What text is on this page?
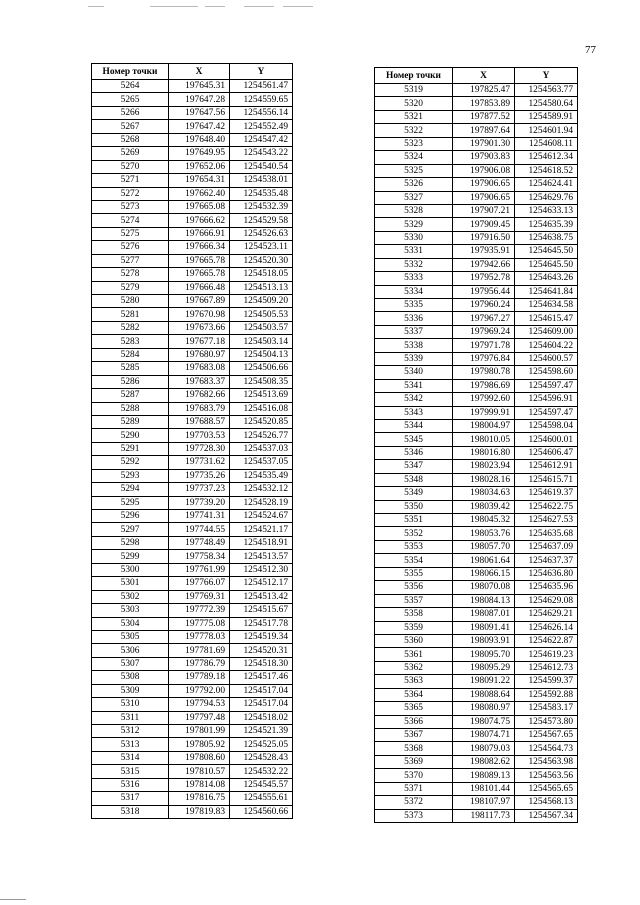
77
Номер точки	X	Y
5264	197645.31	1254561.47
5265	197647.28	1254559.65
5266	197647.56	1254556.14
5267	197647.42	1254552.49
5268	197648.40	1254547.42
5269	197649.95	1254543.22
5270	197652.06	1254540.54
5271	197654.31	1254538.01
5272	197662.40	1254535.48
5273	197665.08	1254532.39
5274	197666.62	1254529.58
5275	197666.91	1254526.63
5276	197666.34	1254523.11
5277	197665.78	1254520.30
5278	197665.78	1254518.05
5279	197666.48	1254513.13
5280	197667.89	1254509.20
5281	197670.98	1254505.53
5282	197673.66	1254503.57
5283	197677.18	1254503.14
5284	197680.97	1254504.13
5285	197683.08	1254506.66
5286	197683.37	1254508.35
5287	197682.66	1254513.69
5288	197683.79	1254516.08
5289	197688.57	1254520.85
5290	197703.53	1254526.77
5291	197728.30	1254537.03
5292	197731.62	1254537.05
5293	197735.26	1254535.49
5294	197737.23	1254532.12
5295	197739.20	1254528.19
5296	197741.31	1254524.67
5297	197744.55	1254521.17
5298	197748.49	1254518.91
5299	197758.34	1254513.57
5300	197761.99	1254512.30
5301	197766.07	1254512.17
5302	197769.31	1254513.42
5303	197772.39	1254515.67
5304	197775.08	1254517.78
5305	197778.03	1254519.34
5306	197781.69	1254520.31
5307	197786.79	1254518.30
5308	197789.18	1254517.46
5309	197792.00	1254517.04
5310	197794.53	1254517.04
5311	197797.48	1254518.02
5312	197801.99	1254521.39
5313	197805.92	1254525.05
5314	197808.60	1254528.43
5315	197810.57	1254532.22
5316	197814.08	1254545.57
5317	197816.75	1254555.61
5318	197819.83	1254560.66
Номер точки	X	Y
5319	197825.47	1254563.77
5320	197853.89	1254580.64
5321	197877.52	1254589.91
5322	197897.64	1254601.94
5323	197901.30	1254608.11
5324	197903.83	1254612.34
5325	197906.08	1254618.52
5326	197906.65	1254624.41
5327	197906.65	1254629.76
5328	197907.21	1254633.13
5329	197909.45	1254635.39
5330	197916.50	1254638.75
5331	197935.91	1254645.50
5332	197942.66	1254645.50
5333	197952.78	1254643.26
5334	197956.44	1254641.84
5335	197960.24	1254634.58
5336	197967.27	1254615.47
5337	197969.24	1254609.00
5338	197971.78	1254604.22
5339	197976.84	1254600.57
5340	197980.78	1254598.60
5341	197986.69	1254597.47
5342	197992.60	1254596.91
5343	197999.91	1254597.47
5344	198004.97	1254598.04
5345	198010.05	1254600.01
5346	198016.80	1254606.47
5347	198023.94	1254612.91
5348	198028.16	1254615.71
5349	198034.63	1254619.37
5350	198039.42	1254622.75
5351	198045.32	1254627.53
5352	198053.76	1254635.68
5353	198057.70	1254637.09
5354	198061.64	1254637.37
5355	198066.15	1254636.80
5356	198070.08	1254635.96
5357	198084.13	1254629.08
5358	198087.01	1254629.21
5359	198091.41	1254626.14
5360	198093.91	1254622.87
5361	198095.70	1254619.23
5362	198095.29	1254612.73
5363	198091.22	1254599.37
5364	198088.64	1254592.88
5365	198080.97	1254583.17
5366	198074.75	1254573.80
5367	198074.71	1254567.65
5368	198079.03	1254564.73
5369	198082.62	1254563.98
5370	198089.13	1254563.56
5371	198101.44	1254565.65
5372	198107.97	1254568.13
5373	198117.73	1254567.34
